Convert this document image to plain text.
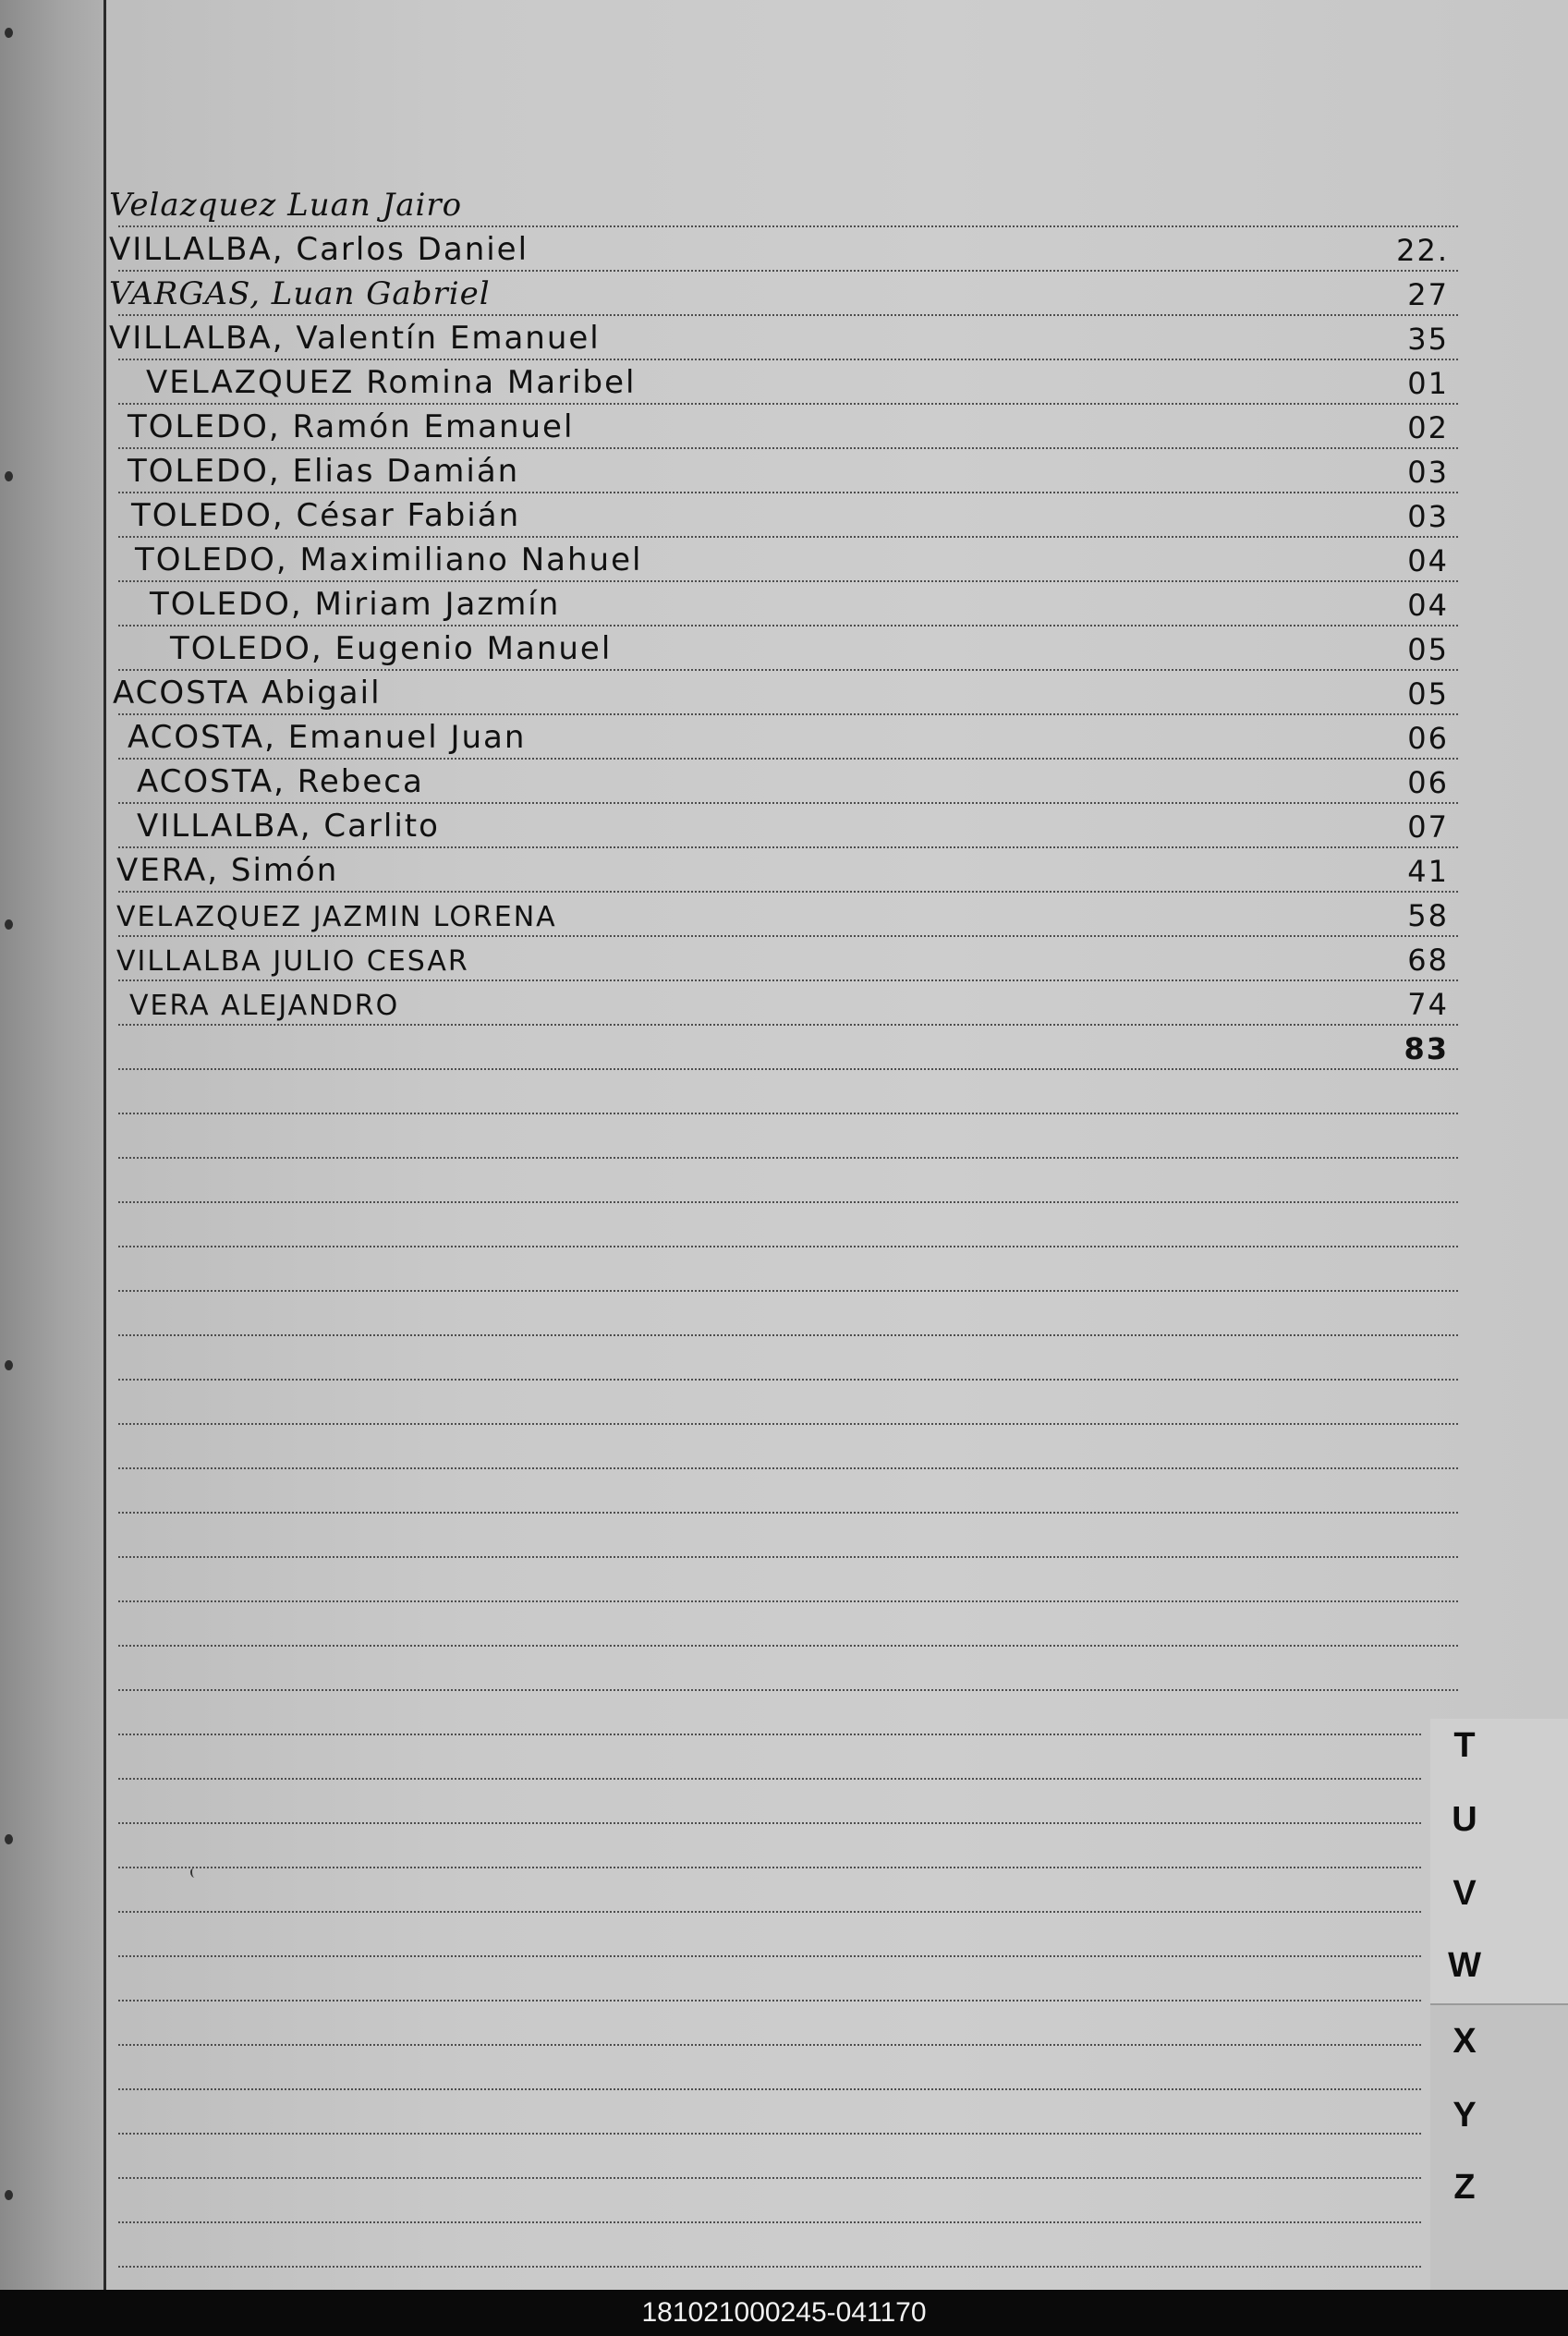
Velazquez Luan Jairo
VILLALBA, Carlos Daniel	22.
VARGAS, Luan Gabriel	27
VILLALBA, Valentín Emanuel	35
VELAZQUEZ Romina Maribel	01
TOLEDO, Ramón Emanuel	02
TOLEDO, Elias Damián	03
TOLEDO, César Fabián	03
TOLEDO, Maximiliano Nahuel	04
TOLEDO, Miriam Jazmín	04
TOLEDO, Eugenio Manuel	05
ACOSTA Abigail	05
ACOSTA, Emanuel Juan	06
ACOSTA, Rebeca	06
VILLALBA, Carlito	07
VERA, Simón	41
VELAZQUEZ JAZMIN LORENA	58
VILLALBA JULIO CESAR	68
VERA ALEJANDRO	74
83
T
U
V
W
X
Y
Z
181021000245-041170
